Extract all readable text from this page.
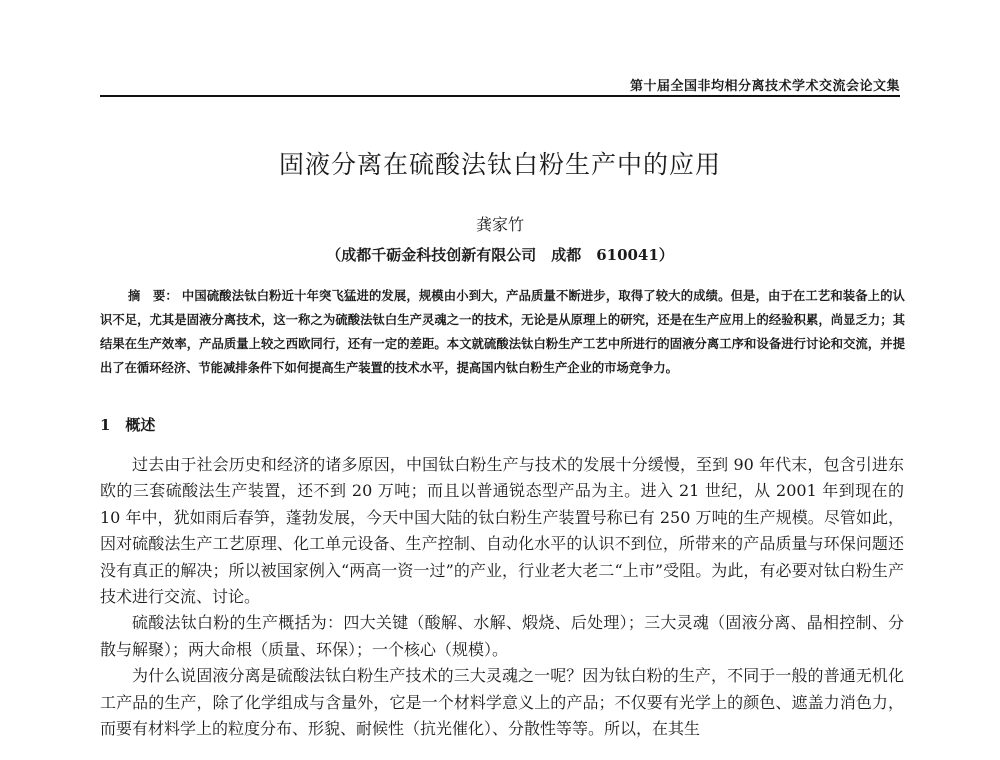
第十届全国非均相分离技术学术交流会论文集
固液分离在硫酸法钛白粉生产中的应用
龚家竹
（成都千砺金科技创新有限公司　成都　610041）
摘　要： 中国硫酸法钛白粉近十年突飞猛进的发展，规模由小到大，产品质量不断进步，取得了较大的成绩。但是，由于在工艺和装备上的认识不足，尤其是固液分离技术，这一称之为硫酸法钛白生产灵魂之一的技术，无论是从原理上的研究，还是在生产应用上的经验积累，尚显乏力；其结果在生产效率，产品质量上较之西欧同行，还有一定的差距。本文就硫酸法钛白粉生产工艺中所进行的固液分离工序和设备进行讨论和交流，并提出了在循环经济、节能减排条件下如何提高生产装置的技术水平，提高国内钛白粉生产企业的市场竞争力。
1　概述

过去由于社会历史和经济的诸多原因，中国钛白粉生产与技术的发展十分缓慢，至到 90 年代末，包含引进东欧的三套硫酸法生产装置，还不到 20 万吨；而且以普通锐态型产品为主。进入 21 世纪，从 2001 年到现在的 10 年中，犹如雨后春笋，蓬勃发展，今天中国大陆的钛白粉生产装置号称已有 250 万吨的生产规模。尽管如此，因对硫酸法生产工艺原理、化工单元设备、生产控制、自动化水平的认识不到位，所带来的产品质量与环保问题还没有真正的解决；所以被国家例入“两高一资一过”的产业，行业老大老二“上市”受阻。为此，有必要对钛白粉生产技术进行交流、讨论。

硫酸法钛白粉的生产概括为：四大关键（酸解、水解、煅烧、后处理）；三大灵魂（固液分离、晶相控制、分散与解聚）；两大命根（质量、环保）；一个核心（规模）。

为什么说固液分离是硫酸法钛白粉生产技术的三大灵魂之一呢？因为钛白粉的生产，不同于一般的普通无机化工产品的生产，除了化学组成与含量外，它是一个材料学意义上的产品；不仅要有光学上的颜色、遮盖力消色力，而要有材料学上的粒度分布、形貌、耐候性（抗光催化）、分散性等等。所以，在其生
